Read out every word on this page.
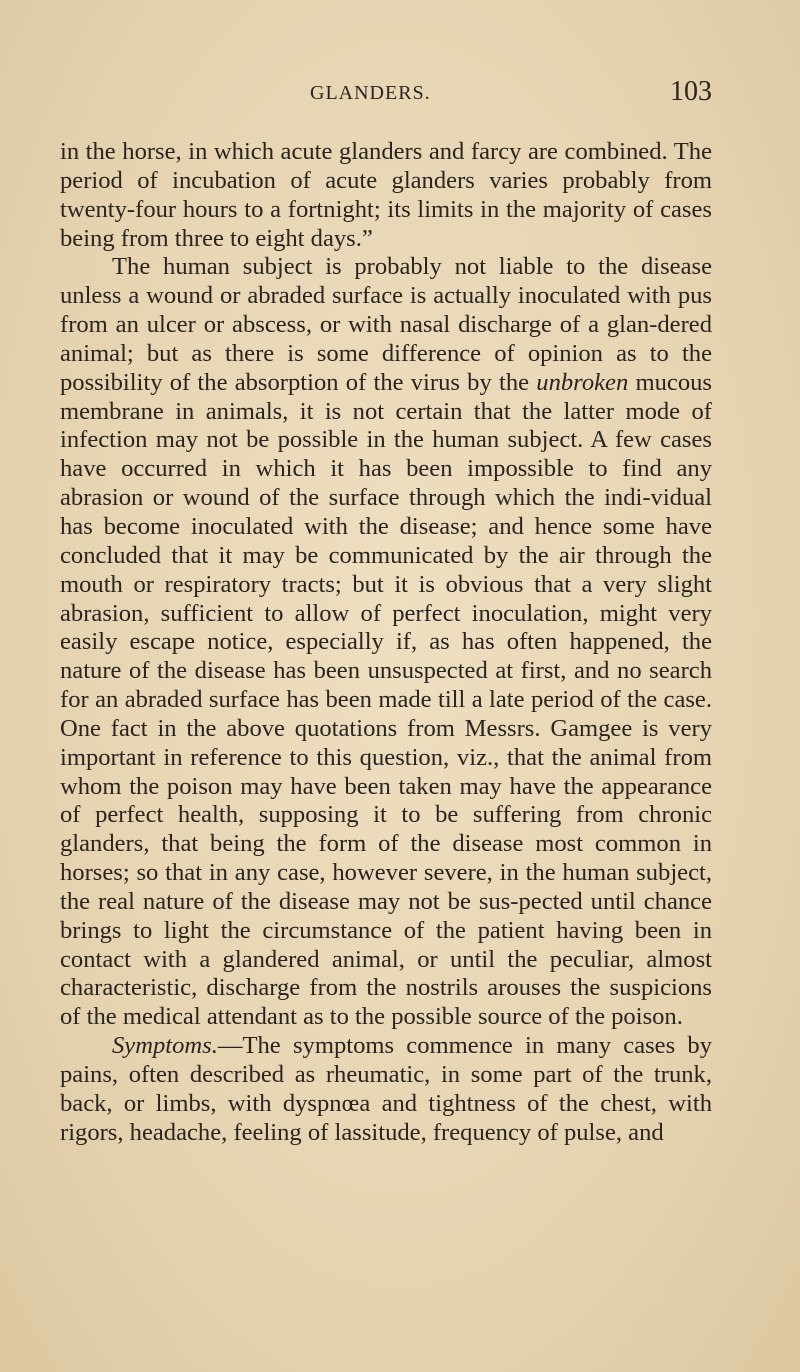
GLANDERS.	103

in the horse, in which acute glanders and farcy are combined. The period of incubation of acute glanders varies probably from twenty-four hours to a fortnight; its limits in the majority of cases being from three to eight days.”

The human subject is probably not liable to the disease unless a wound or abraded surface is actually inoculated with pus from an ulcer or abscess, or with nasal discharge of a glan-dered animal; but as there is some difference of opinion as to the possibility of the absorption of the virus by the unbroken mucous membrane in animals, it is not certain that the latter mode of infection may not be possible in the human subject. A few cases have occurred in which it has been impossible to find any abrasion or wound of the surface through which the indi-vidual has become inoculated with the disease; and hence some have concluded that it may be communicated by the air through the mouth or respiratory tracts; but it is obvious that a very slight abrasion, sufficient to allow of perfect inoculation, might very easily escape notice, especially if, as has often happened, the nature of the disease has been unsuspected at first, and no search for an abraded surface has been made till a late period of the case. One fact in the above quotations from Messrs. Gamgee is very important in reference to this question, viz., that the animal from whom the poison may have been taken may have the appearance of perfect health, supposing it to be suffering from chronic glanders, that being the form of the disease most common in horses; so that in any case, however severe, in the human subject, the real nature of the disease may not be sus-pected until chance brings to light the circumstance of the patient having been in contact with a glandered animal, or until the peculiar, almost characteristic, discharge from the nostrils arouses the suspicions of the medical attendant as to the possible source of the poison.

Symptoms.—The symptoms commence in many cases by pains, often described as rheumatic, in some part of the trunk, back, or limbs, with dyspnœa and tightness of the chest, with rigors, headache, feeling of lassitude, frequency of pulse, and
